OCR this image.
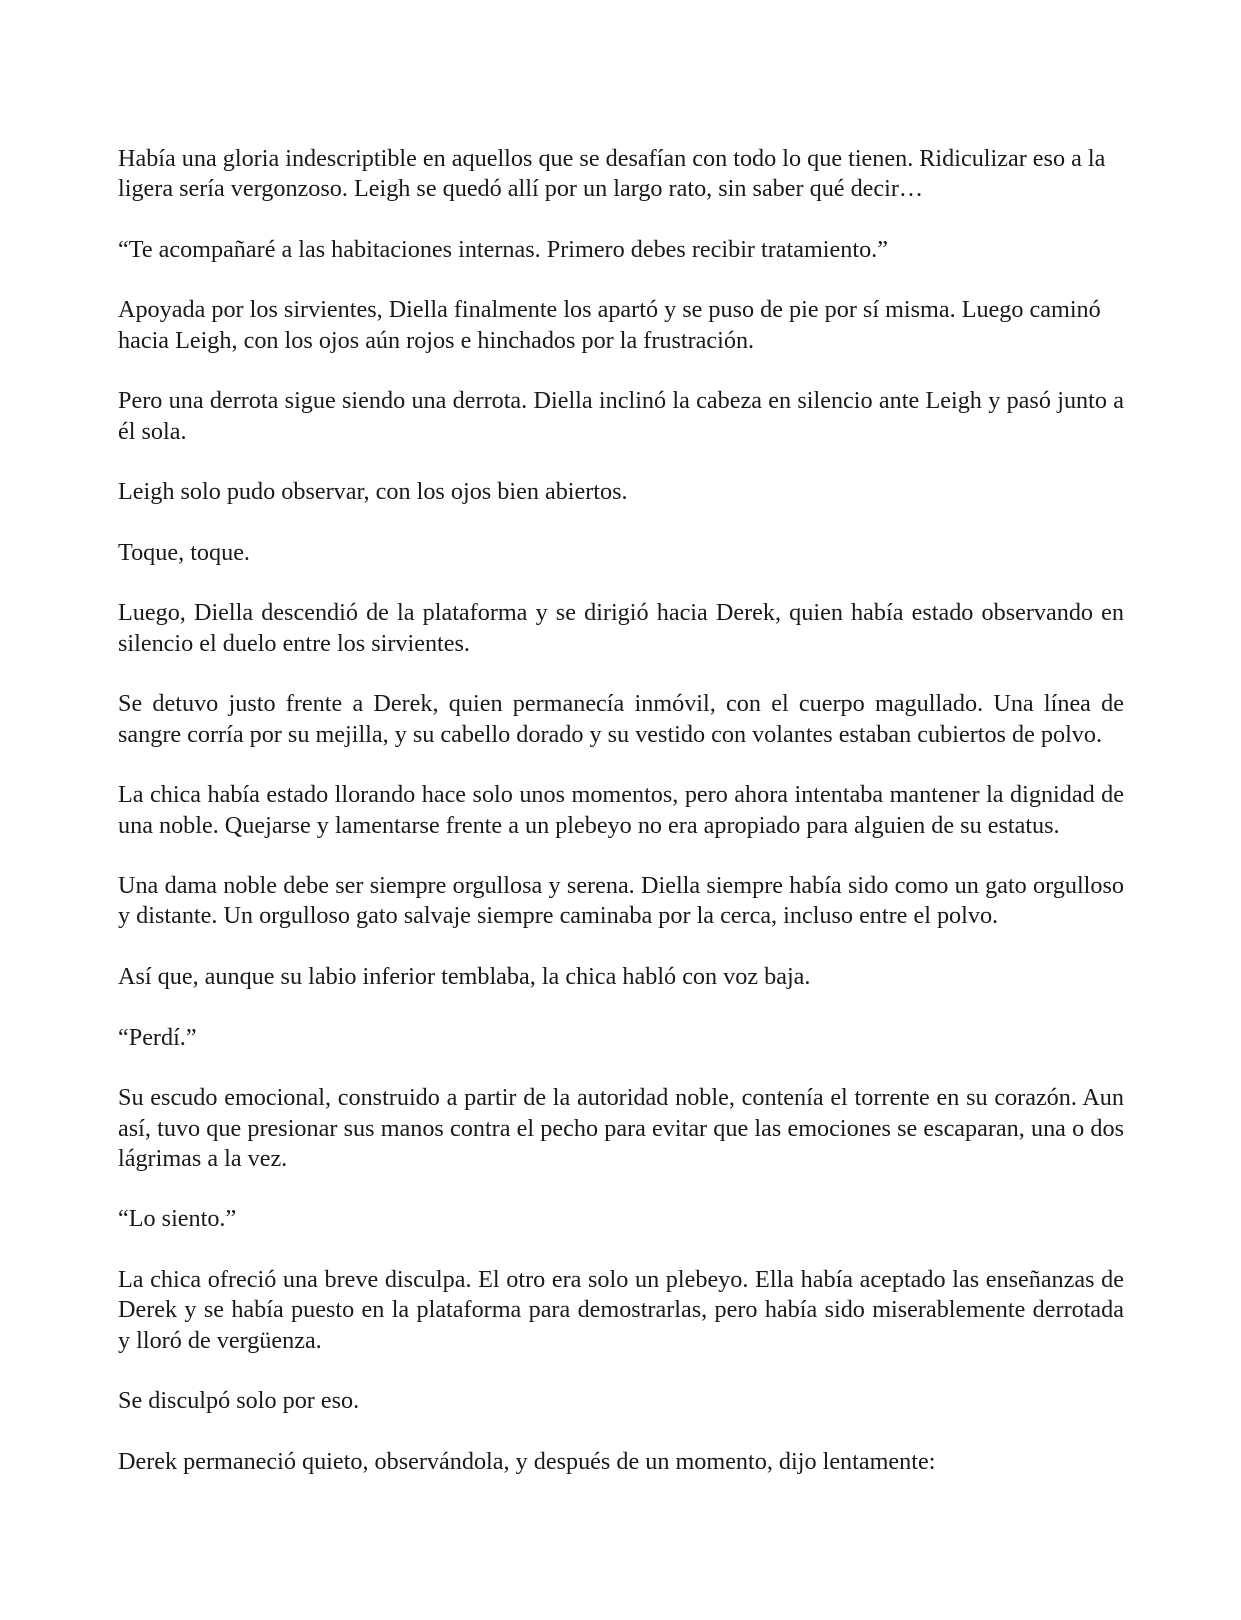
Había una gloria indescriptible en aquellos que se desafían con todo lo que tienen. Ridiculizar eso a la ligera sería vergonzoso. Leigh se quedó allí por un largo rato, sin saber qué decir…

“Te acompañaré a las habitaciones internas. Primero debes recibir tratamiento.”

Apoyada por los sirvientes, Diella finalmente los apartó y se puso de pie por sí misma. Luego caminó hacia Leigh, con los ojos aún rojos e hinchados por la frustración.

Pero una derrota sigue siendo una derrota. Diella inclinó la cabeza en silencio ante Leigh y pasó junto a él sola.

Leigh solo pudo observar, con los ojos bien abiertos.

Toque, toque.

Luego, Diella descendió de la plataforma y se dirigió hacia Derek, quien había estado observando en silencio el duelo entre los sirvientes.

Se detuvo justo frente a Derek, quien permanecía inmóvil, con el cuerpo magullado. Una línea de sangre corría por su mejilla, y su cabello dorado y su vestido con volantes estaban cubiertos de polvo.

La chica había estado llorando hace solo unos momentos, pero ahora intentaba mantener la dignidad de una noble. Quejarse y lamentarse frente a un plebeyo no era apropiado para alguien de su estatus.

Una dama noble debe ser siempre orgullosa y serena. Diella siempre había sido como un gato orgulloso y distante. Un orgulloso gato salvaje siempre caminaba por la cerca, incluso entre el polvo.

Así que, aunque su labio inferior temblaba, la chica habló con voz baja.

“Perdí.”

Su escudo emocional, construido a partir de la autoridad noble, contenía el torrente en su corazón. Aun así, tuvo que presionar sus manos contra el pecho para evitar que las emociones se escaparan, una o dos lágrimas a la vez.

“Lo siento.”

La chica ofreció una breve disculpa. El otro era solo un plebeyo. Ella había aceptado las enseñanzas de Derek y se había puesto en la plataforma para demostrarlas, pero había sido miserablemente derrotada y lloró de vergüenza.

Se disculpó solo por eso.

Derek permaneció quieto, observándola, y después de un momento, dijo lentamente:
